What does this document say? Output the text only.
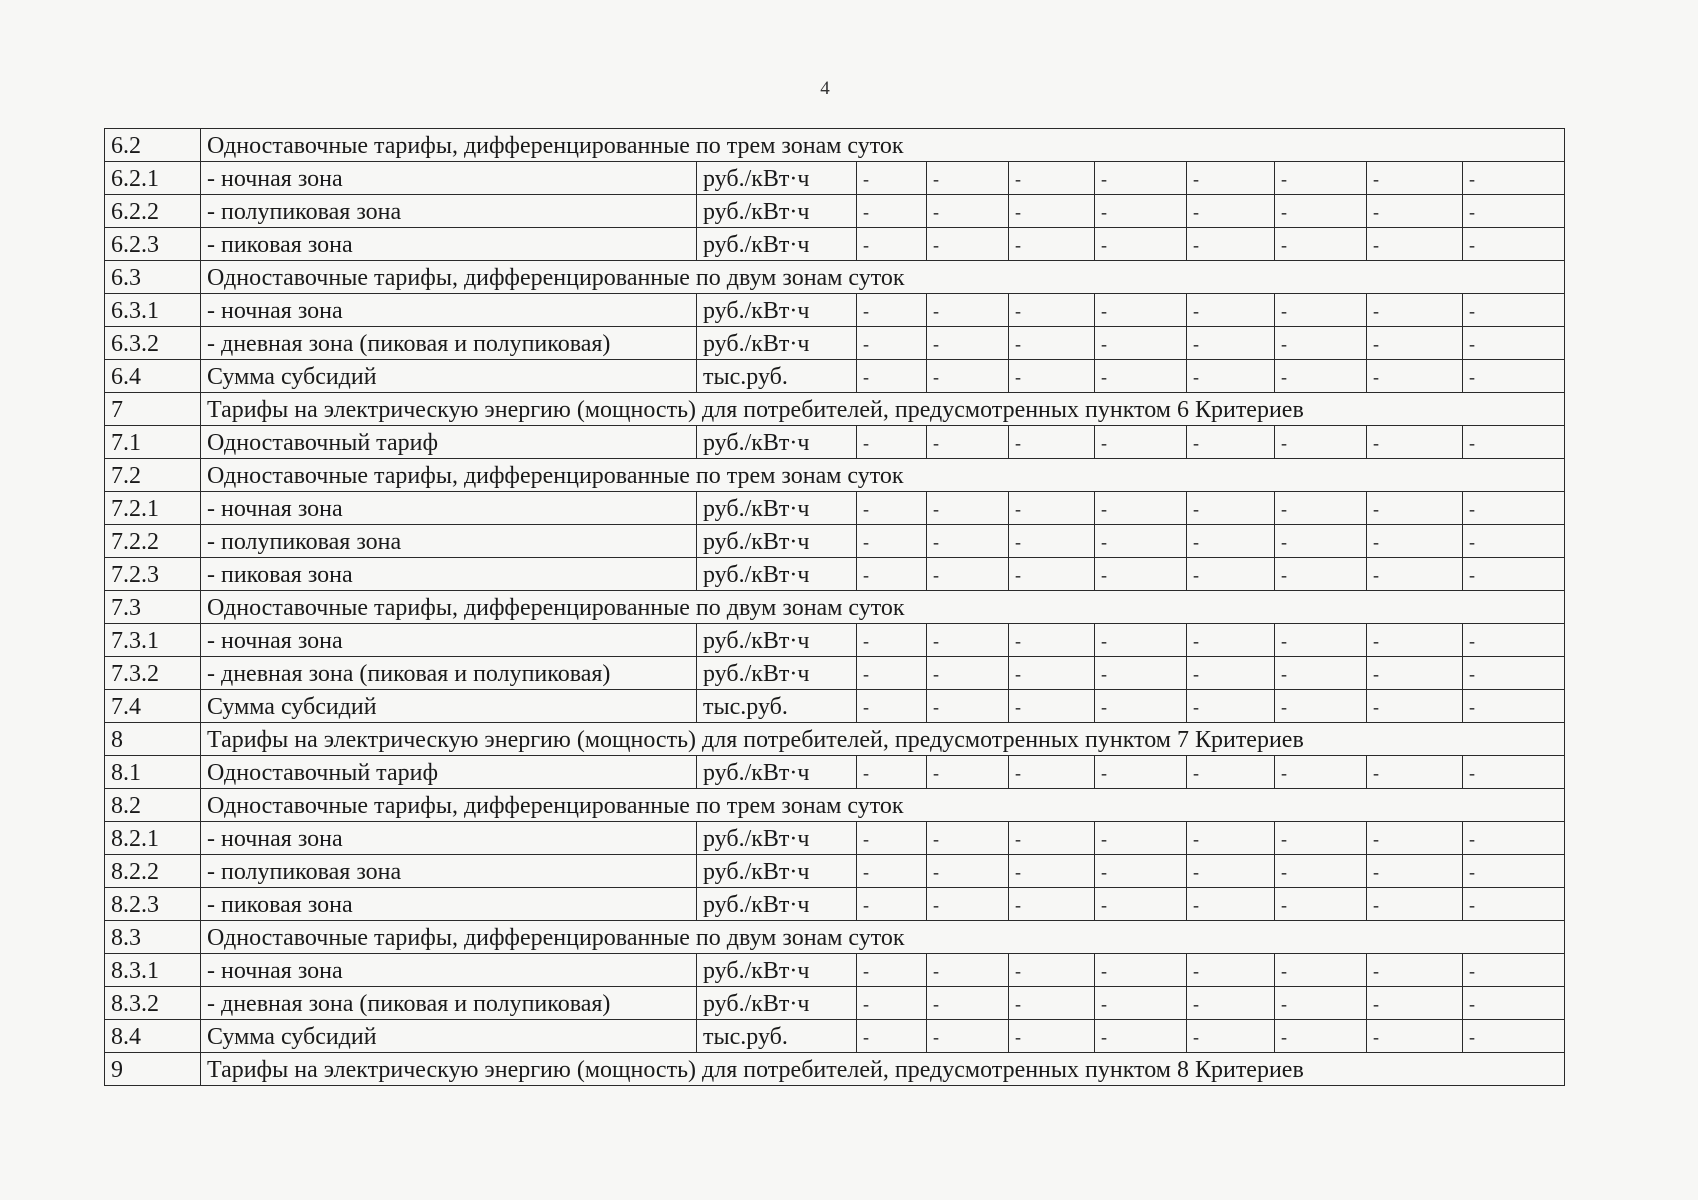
4
6.2	Одноставочные тарифы, дифференцированные по трем зонам суток									
6.2.1	- ночная зона	руб./кВт·ч	-	-	-	-	-	-	-	-
6.2.2	- полупиковая зона	руб./кВт·ч	-	-	-	-	-	-	-	-
6.2.3	- пиковая зона	руб./кВт·ч	-	-	-	-	-	-	-	-
6.3	Одноставочные тарифы, дифференцированные по двум зонам суток									
6.3.1	- ночная зона	руб./кВт·ч	-	-	-	-	-	-	-	-
6.3.2	- дневная зона (пиковая и полупиковая)	руб./кВт·ч	-	-	-	-	-	-	-	-
6.4	Сумма субсидий	тыс.руб.	-	-	-	-	-	-	-	-
7	Тарифы на электрическую энергию (мощность) для потребителей, предусмотренных пунктом 6 Критериев									
7.1	Одноставочный тариф	руб./кВт·ч	-	-	-	-	-	-	-	-
7.2	Одноставочные тарифы, дифференцированные по трем зонам суток									
7.2.1	- ночная зона	руб./кВт·ч	-	-	-	-	-	-	-	-
7.2.2	- полупиковая зона	руб./кВт·ч	-	-	-	-	-	-	-	-
7.2.3	- пиковая зона	руб./кВт·ч	-	-	-	-	-	-	-	-
7.3	Одноставочные тарифы, дифференцированные по двум зонам суток									
7.3.1	- ночная зона	руб./кВт·ч	-	-	-	-	-	-	-	-
7.3.2	- дневная зона (пиковая и полупиковая)	руб./кВт·ч	-	-	-	-	-	-	-	-
7.4	Сумма субсидий	тыс.руб.	-	-	-	-	-	-	-	-
8	Тарифы на электрическую энергию (мощность) для потребителей, предусмотренных пунктом 7 Критериев									
8.1	Одноставочный тариф	руб./кВт·ч	-	-	-	-	-	-	-	-
8.2	Одноставочные тарифы, дифференцированные по трем зонам суток									
8.2.1	- ночная зона	руб./кВт·ч	-	-	-	-	-	-	-	-
8.2.2	- полупиковая зона	руб./кВт·ч	-	-	-	-	-	-	-	-
8.2.3	- пиковая зона	руб./кВт·ч	-	-	-	-	-	-	-	-
8.3	Одноставочные тарифы, дифференцированные по двум зонам суток									
8.3.1	- ночная зона	руб./кВт·ч	-	-	-	-	-	-	-	-
8.3.2	- дневная зона (пиковая и полупиковая)	руб./кВт·ч	-	-	-	-	-	-	-	-
8.4	Сумма субсидий	тыс.руб.	-	-	-	-	-	-	-	-
9	Тарифы на электрическую энергию (мощность) для потребителей, предусмотренных пунктом 8 Критериев									
